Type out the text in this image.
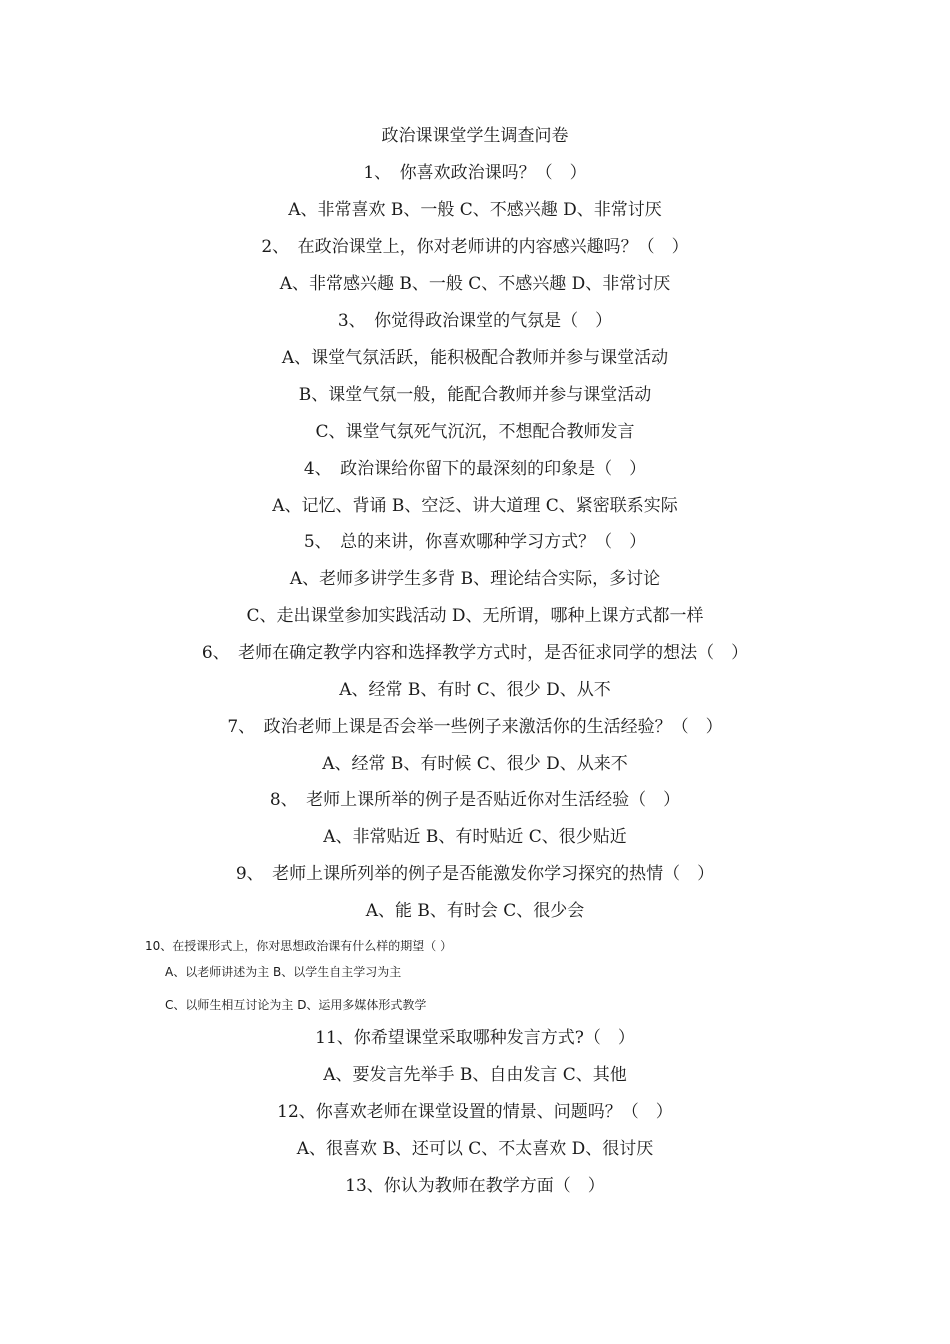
政治课课堂学生调查问卷
1、　你喜欢政治课吗？（　）
A、非常喜欢 B、一般 C、不感兴趣 D、非常讨厌
2、　在政治课堂上，你对老师讲的内容感兴趣吗？（　）
A、非常感兴趣 B、一般 C、不感兴趣 D、非常讨厌
3、　你觉得政治课堂的气氛是（　）
A、课堂气氛活跃，能积极配合教师并参与课堂活动
B、课堂气氛一般，能配合教师并参与课堂活动
C、课堂气氛死气沉沉，不想配合教师发言
4、　政治课给你留下的最深刻的印象是（　）
A、记忆、背诵 B、空泛、讲大道理 C、紧密联系实际
5、　总的来讲，你喜欢哪种学习方式？（　）
A、老师多讲学生多背 B、理论结合实际，多讨论
C、走出课堂参加实践活动 D、无所谓，哪种上课方式都一样
6、　老师在确定教学内容和选择教学方式时，是否征求同学的想法（　）
A、经常 B、有时 C、很少 D、从不
7、　政治老师上课是否会举一些例子来激活你的生活经验？（　）
A、经常 B、有时候 C、很少 D、从来不
8、　老师上课所举的例子是否贴近你对生活经验（　）
A、非常贴近 B、有时贴近 C、很少贴近
9、　老师上课所列举的例子是否能激发你学习探究的热情（　）
A、能 B、有时会 C、很少会
10、在授课形式上，你对思想政治课有什么样的期望（ ）
A、以老师讲述为主 B、以学生自主学习为主
C、以师生相互讨论为主 D、运用多媒体形式教学
11、你希望课堂采取哪种发言方式?（　）
A、要发言先举手 B、自由发言 C、其他
12、你喜欢老师在课堂设置的情景、问题吗？（　）
A、很喜欢 B、还可以 C、不太喜欢 D、很讨厌
13、你认为教师在教学方面（　）
